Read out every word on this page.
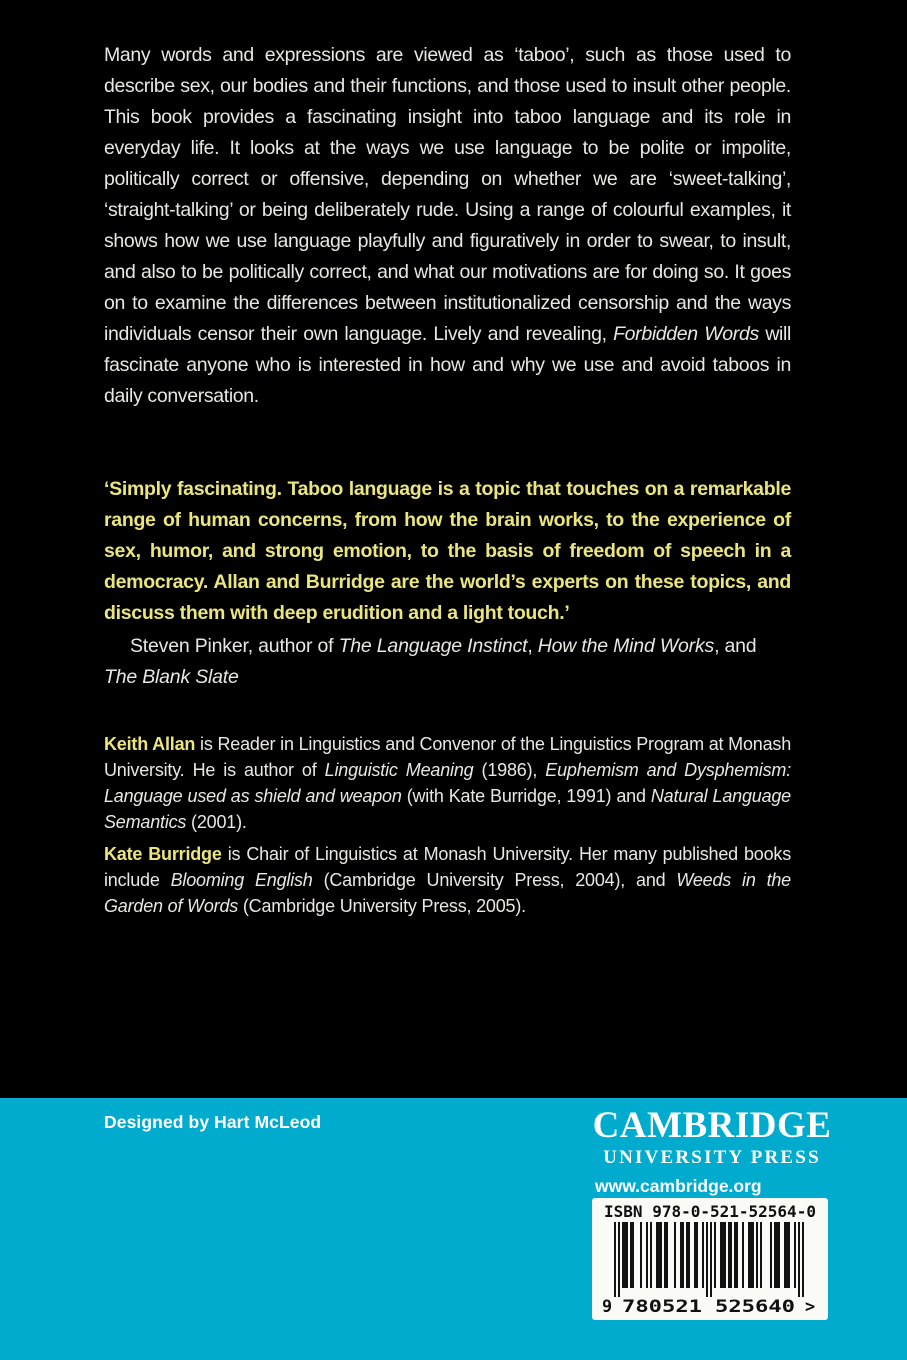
Many words and expressions are viewed as ‘taboo’, such as those used to describe sex, our bodies and their functions, and those used to insult other people. This book provides a fascinating insight into taboo language and its role in everyday life. It looks at the ways we use language to be polite or impolite, politically correct or offensive, depending on whether we are ‘sweet-talking’, ‘straight-talking’ or being deliberately rude. Using a range of colourful examples, it shows how we use language playfully and figuratively in order to swear, to insult, and also to be politically correct, and what our motivations are for doing so. It goes on to examine the differences between institutionalized censorship and the ways individuals censor their own language. Lively and revealing, Forbidden Words will fascinate anyone who is interested in how and why we use and avoid taboos in daily conversation.

‘Simply fascinating. Taboo language is a topic that touches on a remarkable range of human concerns, from how the brain works, to the experience of sex, humor, and strong emotion, to the basis of freedom of speech in a democracy. Allan and Burridge are the world’s experts on these topics, and discuss them with deep erudition and a light touch.’

Steven Pinker, author of The Language Instinct, How the Mind Works, and The Blank Slate

Keith Allan is Reader in Linguistics and Convenor of the Linguistics Program at Monash University. He is author of Linguistic Meaning (1986), Euphemism and Dysphemism: Language used as shield and weapon (with Kate Burridge, 1991) and Natural Language Semantics (2001).

Kate Burridge is Chair of Linguistics at Monash University. Her many published books include Blooming English (Cambridge University Press, 2004), and Weeds in the Garden of Words (Cambridge University Press, 2005).

Designed by Hart McLeod	CAMBRIDGE
UNIVERSITY PRESS
www.cambridge.org
ISBN 978-0-521-52564-0
9 780521 525640 >
